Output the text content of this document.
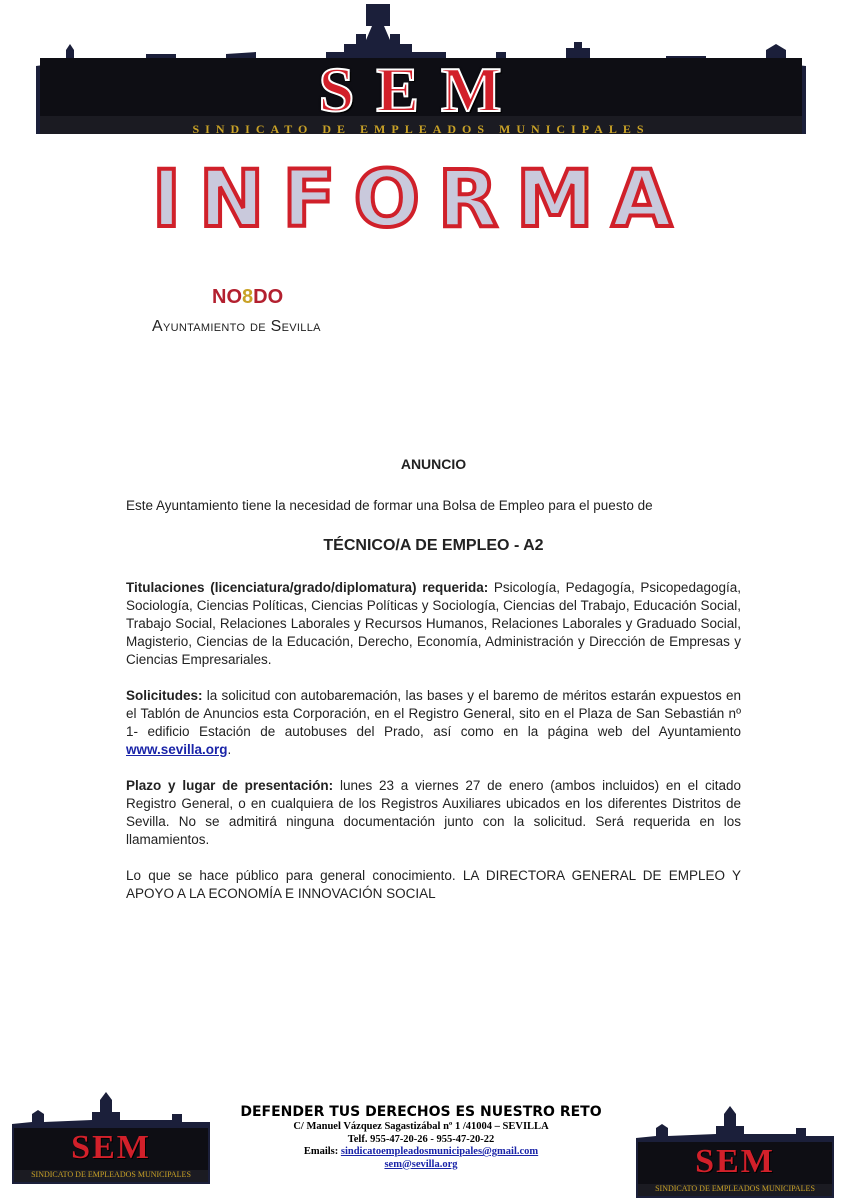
SEM
SINDICATO DE EMPLEADOS MUNICIPALES
INFORMA
NO8DO
Ayuntamiento de Sevilla

ANUNCIO

Este Ayuntamiento tiene la necesidad de formar una Bolsa de Empleo para el puesto de

TÉCNICO/A DE EMPLEO - A2

Titulaciones (licenciatura/grado/diplomatura) requerida: Psicología, Pedagogía, Psicopedagogía, Sociología, Ciencias Políticas, Ciencias Políticas y Sociología, Ciencias del Trabajo, Educación Social, Trabajo Social, Relaciones Laborales y Recursos Humanos, Relaciones Laborales y Graduado Social, Magisterio, Ciencias de la Educación, Derecho, Economía, Administración y Dirección de Empresas y Ciencias Empresariales.

Solicitudes: la solicitud con autobaremación, las bases y el baremo de méritos estarán expuestos en el Tablón de Anuncios esta Corporación, en el Registro General, sito en el Plaza de San Sebastián nº 1- edificio Estación de autobuses del Prado, así como en la página web del Ayuntamiento www.sevilla.org.

Plazo y lugar de presentación: lunes 23 a viernes 27 de enero (ambos incluidos) en el citado Registro General, o en cualquiera de los Registros Auxiliares ubicados en los diferentes Distritos de Sevilla. No se admitirá ninguna documentación junto con la solicitud. Será requerida en los llamamientos.

Lo que se hace público para general conocimiento. LA DIRECTORA GENERAL DE EMPLEO Y APOYO A LA ECONOMÍA E INNOVACIÓN SOCIAL

SEM
SINDICATO DE EMPLEADOS MUNICIPALES
DEFENDER TUS DERECHOS ES NUESTRO RETO
C/ Manuel Vázquez Sagastizábal nº 1 /41004 – SEVILLA
Telf. 955-47-20-26 - 955-47-20-22
Emails: sindicatoempleadosmunicipales@gmail.com
sem@sevilla.org	SEM
SINDICATO DE EMPLEADOS MUNICIPALES
